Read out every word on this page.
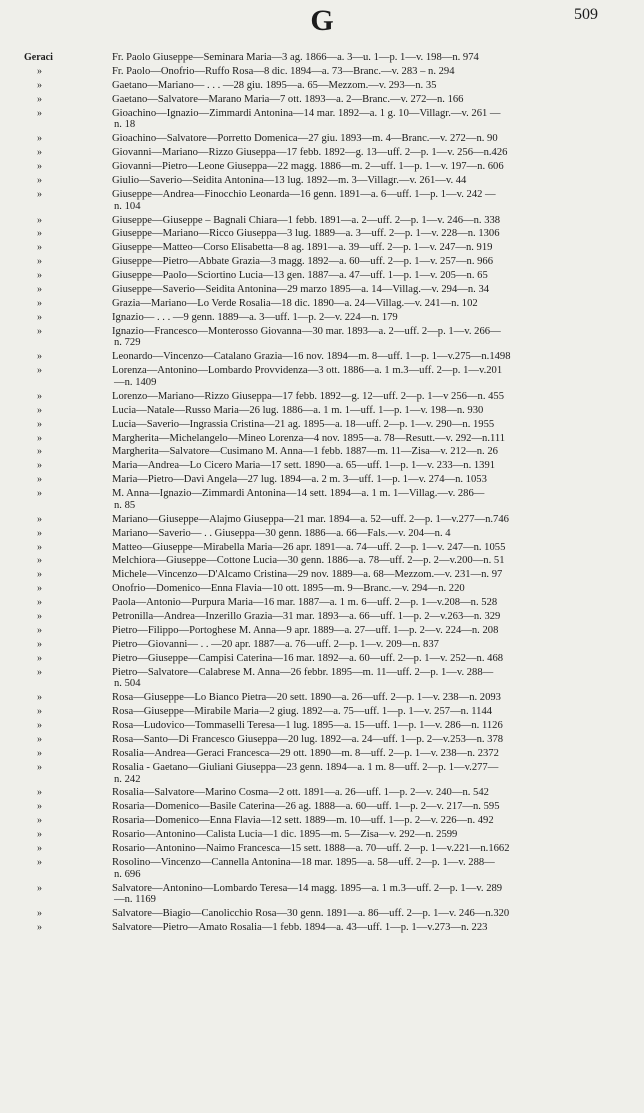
G	509
Geraci	Fr. Paolo Giuseppe—Seminara Maria—3 ag. 1866—a. 3—u. 1—p. 1—v. 198—n. 974
»	Fr. Paolo—Onofrio—Ruffo Rosa—8 dic. 1894—a. 73—Branc.—v. 283 – n. 294
»	Gaetano—Mariano— . . . —28 giu. 1895—a. 65—Mezzom.—v. 293—n. 35
»	Gaetano—Salvatore—Marano Maria—7 ott. 1893—a. 2—Branc.—v. 272—n. 166
»	Gioachino—Ignazio—Zimmardi Antonina—14 mar. 1892—a. 1 g. 10—Villagr.—v. 261 —
n. 18
»	Gioachino—Salvatore—Porretto Domenica—27 giu. 1893—m. 4—Branc.—v. 272—n. 90
»	Giovanni—Mariano—Rizzo Giuseppa—17 febb. 1892—g. 13—uff. 2—p. 1—v. 256—n.426
»	Giovanni—Pietro—Leone Giuseppa—22 magg. 1886—m. 2—uff. 1—p. 1—v. 197—n. 606
»	Giulio—Saverio—Seidita Antonina—13 lug. 1892—m. 3—Villagr.—v. 261—v. 44
»	Giuseppe—Andrea—Finocchio Leonarda—16 genn. 1891—a. 6—uff. 1—p. 1—v. 242 —
n. 104
»	Giuseppe—Giuseppe – Bagnali Chiara—1 febb. 1891—a. 2—uff. 2—p. 1—v. 246—n. 338
»	Giuseppe—Mariano—Ricco Giuseppa—3 lug. 1889—a. 3—uff. 2—p. 1—v. 228—n. 1306
»	Giuseppe—Matteo—Corso Elisabetta—8 ag. 1891—a. 39—uff. 2—p. 1—v. 247—n. 919
»	Giuseppe—Pietro—Abbate Grazia—3 magg. 1892—a. 60—uff. 2—p. 1—v. 257—n. 966
»	Giuseppe—Paolo—Sciortino Lucia—13 gen. 1887—a. 47—uff. 1—p. 1—v. 205—n. 65
»	Giuseppe—Saverio—Seidita Antonina—29 marzo 1895—a. 14—Villag.—v. 294—n. 34
»	Grazia—Mariano—Lo Verde Rosalia—18 dic. 1890—a. 24—Villag.—v. 241—n. 102
»	Ignazio— . . . —9 genn. 1889—a. 3—uff. 1—p. 2—v. 224—n. 179
»	Ignazio—Francesco—Monterosso Giovanna—30 mar. 1893—a. 2—uff. 2—p. 1—v. 266—
n. 729
»	Leonardo—Vincenzo—Catalano Grazia—16 nov. 1894—m. 8—uff. 1—p. 1—v.275—n.1498
»	Lorenza—Antonino—Lombardo Provvidenza—3 ott. 1886—a. 1 m.3—uff. 2—p. 1—v.201
—n. 1409
»	Lorenzo—Mariano—Rizzo Giuseppa—17 febb. 1892—g. 12—uff. 2—p. 1—v 256—n. 455
»	Lucia—Natale—Russo Maria—26 lug. 1886—a. 1 m. 1—uff. 1—p. 1—v. 198—n. 930
»	Lucia—Saverio—Ingrassia Cristina—21 ag. 1895—a. 18—uff. 2—p. 1—v. 290—n. 1955
»	Margherita—Michelangelo—Mineo Lorenza—4 nov. 1895—a. 78—Resutt.—v. 292—n.111
»	Margherita—Salvatore—Cusimano M. Anna—1 febb. 1887—m. 11—Zisa—v. 212—n. 26
»	Maria—Andrea—Lo Cicero Maria—17 sett. 1890—a. 65—uff. 1—p. 1—v. 233—n. 1391
»	Maria—Pietro—Davì Angela—27 lug. 1894—a. 2 m. 3—uff. 1—p. 1—v. 274—n. 1053
»	M. Anna—Ignazio—Zimmardi Antonina—14 sett. 1894—a. 1 m. 1—Villag.—v. 286—
n. 85
»	Mariano—Giuseppe—Alajmo Giuseppa—21 mar. 1894—a. 52—uff. 2—p. 1—v.277—n.746
»	Mariano—Saverio— . . Giuseppa—30 genn. 1886—a. 66—Fals.—v. 204—n. 4
»	Matteo—Giuseppe—Mirabella Maria—26 apr. 1891—a. 74—uff. 2—p. 1—v. 247—n. 1055
»	Melchiora—Giuseppe—Cottone Lucia—30 genn. 1886—a. 78—uff. 2—p. 2—v.200—n. 51
»	Michele—Vincenzo—D'Alcamo Cristina—29 nov. 1889—a. 68—Mezzom.—v. 231—n. 97
»	Onofrio—Domenico—Enna Flavia—10 ott. 1895—m. 9—Branc.—v. 294—n. 220
»	Paola—Antonio—Purpura Maria—16 mar. 1887—a. 1 m. 6—uff. 2—p. 1—v.208—n. 528
»	Petronilla—Andrea—Inzerillo Grazia—31 mar. 1893—a. 66—uff. 1—p. 2—v.263—n. 329
»	Pietro—Filippo—Portoghese M. Anna—9 apr. 1889—a. 27—uff. 1—p. 2—v. 224—n. 208
»	Pietro—Giovanni— . . —20 apr. 1887—a. 76—uff. 2—p. 1—v. 209—n. 837
»	Pietro—Giuseppe—Campisi Caterina—16 mar. 1892—a. 60—uff. 2—p. 1—v. 252—n. 468
»	Pietro—Salvatore—Calabrese M. Anna—26 febbr. 1895—m. 11—uff. 2—p. 1—v. 288—
n. 504
»	Rosa—Giuseppe—Lo Bianco Pietra—20 sett. 1890—a. 26—uff. 2—p. 1—v. 238—n. 2093
»	Rosa—Giuseppe—Mirabile Maria—2 giug. 1892—a. 75—uff. 1—p. 1—v. 257—n. 1144
»	Rosa—Ludovico—Tommaselli Teresa—1 lug. 1895—a. 15—uff. 1—p. 1—v. 286—n. 1126
»	Rosa—Santo—Di Francesco Giuseppa—20 lug. 1892—a. 24—uff. 1—p. 2—v.253—n. 378
»	Rosalia—Andrea—Geraci Francesca—29 ott. 1890—m. 8—uff. 2—p. 1—v. 238—n. 2372
»	Rosalia - Gaetano—Giuliani Giuseppa—23 genn. 1894—a. 1 m. 8—uff. 2—p. 1—v.277—
n. 242
»	Rosalia—Salvatore—Marino Cosma—2 ott. 1891—a. 26—uff. 1—p. 2—v. 240—n. 542
»	Rosaria—Domenico—Basile Caterina—26 ag. 1888—a. 60—uff. 1—p. 2—v. 217—n. 595
»	Rosaria—Domenico—Enna Flavia—12 sett. 1889—m. 10—uff. 1—p. 2—v. 226—n. 492
»	Rosario—Antonino—Calista Lucia—1 dic. 1895—m. 5—Zisa—v. 292—n. 2599
»	Rosario—Antonino—Naimo Francesca—15 sett. 1888—a. 70—uff. 2—p. 1—v.221—n.1662
»	Rosolino—Vincenzo—Cannella Antonina—18 mar. 1895—a. 58—uff. 2—p. 1—v. 288—
n. 696
»	Salvatore—Antonino—Lombardo Teresa—14 magg. 1895—a. 1 m.3—uff. 2—p. 1—v. 289
—n. 1169
»	Salvatore—Biagio—Canolicchio Rosa—30 genn. 1891—a. 86—uff. 2—p. 1—v. 246—n.320
»	Salvatore—Pietro—Amato Rosalia—1 febb. 1894—a. 43—uff. 1—p. 1—v.273—n. 223
